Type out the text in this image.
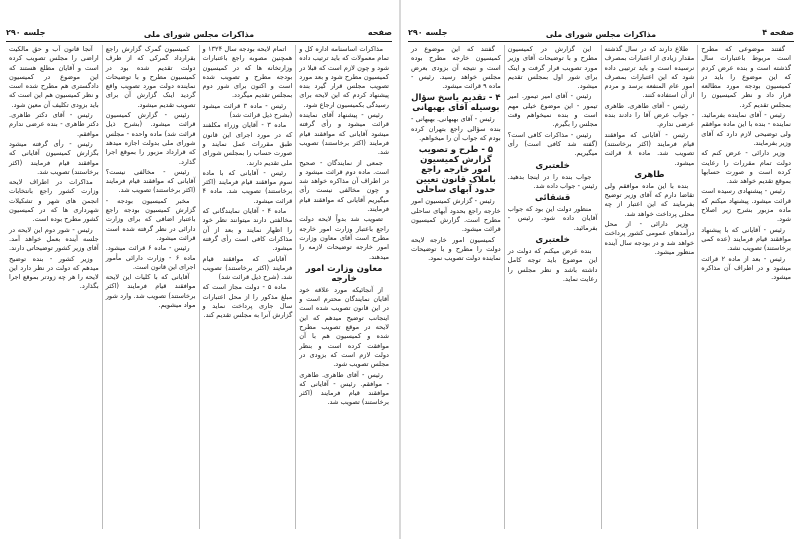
صفحه
مذاکرات مجلس شورای ملی
جلسه ۲۹۰

مذاکرات اساسنامه اداره کل و تمام معمولات که باید ترتیب داده شود و چون لازم است که قبلا در کمیسیون مطرح شود و بعد مورد تصویب مجلس قرار گیرد بنده پیشنهاد کردم که این لایحه برای رسیدگی بکمیسیون ارجاع شود.

رئیس - پیشنهاد آقای نماینده قرائت میشود و رأی گرفته میشود آقایانی که موافقند قیام فرمایند (اکثر برخاستند) تصویب شد.

جمعی از نمایندگان - صحیح است. ماده دوم قرائت میشود و در اطراف آن مذاکره خواهد شد و چون مخالفی نیست رأی میگیریم آقایانی که موافقند قیام فرمایند.

تصویب شد بدواً لایحه دولت راجع باعتبار وزارت امور خارجه مطرح است آقای معاون وزارت امور خارجه توضیحات لازمه را میدهند.

معاون وزارت امور خارجه

از آنجائیکه مورد علاقه خود آقایان نمایندگان محترم است و در این قانون تصویب شده است اینجانب توضیح میدهم که این لایحه در موقع تصویب مطرح شده و کمیسیون هم با آن موافقت کرده است و بنظر دولت لازم است که بزودی در مجلس تصویب شود.

رئیس - آقای طاهری. طاهری - موافقم. رئیس - آقایانی که موافقند قیام فرمایند (اکثر برخاستند) تصویب شد.

اتمام لایحه بودجه سال ۱۳۲۴ و همچنین مصوبه راجع باعتبارات وزارتخانه ها که در کمیسیون بودجه مطرح و تصویب شده است و اکنون برای شور دوم بمجلس تقدیم میگردد.

رئیس - ماده ۳ قرائت میشود (بشرح ذیل قرائت شد)

ماده ۳ - آقایان وزراء مکلفند که در مورد اجرای این قانون طبق مقررات عمل نمایند و صورت حساب را بمجلس شورای ملی تقدیم دارند.

رئیس - آقایانی که با ماده سوم موافقند قیام فرمایند (اکثر برخاستند) تصویب شد. ماده ۴ قرائت میشود.

ماده ۴ - آقایان نمایندگانی که مخالفتی دارند میتوانند نظر خود را اظهار نمایند و بعد از آن مذاکرات کافی است رأی گرفته میشود.

آقایانی که موافقند قیام فرمایند (اکثر برخاستند) تصویب شد. (شرح ذیل قرائت شد)

ماده ۵ - دولت مجاز است که مبلغ مذکور را از محل اعتبارات سال جاری پرداخت نماید و گزارش آنرا به مجلس تقدیم کند.

کمیسیون گمرک گزارش راجع بقرارداد گمرکی که از طرف دولت تقدیم شده بود در کمیسیون مطرح و با توضیحات نماینده دولت مورد تصویب واقع گردید اینک گزارش آن برای تصویب تقدیم میشود.

رئیس - گزارش کمیسیون قرائت میشود. (بشرح ذیل قرائت شد) ماده واحده - مجلس شورای ملی بدولت اجازه میدهد که قرارداد مزبور را بموقع اجرا گذارد.

رئیس - مخالفی نیست؟ آقایانی که موافقند قیام فرمایند (اکثر برخاستند) تصویب شد.

مخبر کمیسیون بودجه - گزارش کمیسیون بودجه راجع باعتبار اضافی که برای وزارت دارائی در نظر گرفته شده است قرائت میشود.

رئیس - ماده ۶ قرائت میشود. ماده ۶ - وزارت دارائی مأمور اجرای این قانون است.

آقایانی که با کلیات این لایحه موافقند قیام فرمایند (اکثر برخاستند) تصویب شد. وارد شور مواد میشویم.

آنجا قانون آب و حق مالکیت اراضی را مجلس تصویب کرده است و آقایان مطلع هستند که این موضوع در کمیسیون دادگستری هم مطرح شده است و نظر کمیسیون هم این است که باید بزودی تکلیف آن معین شود.

رئیس - آقای دکتر طاهری. دکتر طاهری - بنده عرضی ندارم موافقم.

رئیس - رأی گرفته میشود بگزارش کمیسیون آقایانی که موافقند قیام فرمایند (اکثر برخاستند) تصویب شد.

مذاکرات در اطراف لایحه وزارت کشور راجع بانتخابات انجمن های شهر و تشکیلات شهرداری ها که در کمیسیون کشور مطرح بوده است.

رئیس - شور دوم این لایحه در جلسه آینده بعمل خواهد آمد. آقای وزیر کشور توضیحاتی دارند.

وزیر کشور - بنده توضیح میدهم که دولت در نظر دارد این لایحه را هر چه زودتر بموقع اجرا بگذارد.

صفحه ۴
مذاکرات مجلس شورای ملی
جلسه ۲۹۰

گفتند موضوعی که مطرح است مربوط باعتبارات سال گذشته است و بنده عرض کردم که این موضوع را باید در کمیسیون بودجه مورد مطالعه قرار داد و نظر کمیسیون را بمجلس تقدیم کرد.

رئیس - آقای نماینده بفرمائید. نماینده - بنده با این ماده موافقم ولی توضیحی لازم دارد که آقای وزیر بفرمایند.

وزیر دارائی - عرض کنم که دولت تمام مقررات را رعایت کرده است و صورت حسابها بموقع تقدیم خواهد شد.

رئیس - پیشنهادی رسیده است قرائت میشود. پیشنهاد میکنم که ماده مزبور بشرح زیر اصلاح شود.

رئیس - آقایانی که با پیشنهاد موافقند قیام فرمایند (عده کمی برخاستند) تصویب نشد.

رئیس - بعد از ماده ۲ قرائت میشود و در اطراف آن مذاکره میشود.

طلاع دارند که در سال گذشته مقدار زیادی از اعتبارات بمصرف نرسیده است و باید ترتیبی داده شود که این اعتبارات بمصرف امور عام المنفعه برسد و مردم از آن استفاده کنند.

رئیس - آقای طاهری. طاهری - جواب عرض آقا را دادند بنده عرضی ندارم.

رئیس - آقایانی که موافقند قیام فرمایند (اکثر برخاستند) تصویب شد. ماده ۸ قرائت میشود.

طاهری

بنده با این ماده موافقم ولی تقاضا دارم که آقای وزیر توضیح بفرمایند که این اعتبار از چه محلی پرداخت خواهد شد.

وزیر دارائی - از محل درآمدهای عمومی کشور پرداخت خواهد شد و در بودجه سال آینده منظور میشود.

این گزارش در کمیسیون مطرح و با توضیحات آقای وزیر مورد تصویب قرار گرفت و اینک برای شور اول بمجلس تقدیم میشود.

رئیس - آقای امیر تیمور. امیر تیمور - این موضوع خیلی مهم است و بنده نمیخواهم وقت مجلس را بگیرم.

رئیس - مذاکرات کافی است؟ (گفته شد کافی است) رأی میگیریم.

خلعتبری

جواب بنده را در اینجا بدهید. رئیس - جواب داده شد.

قشقائی

منظور دولت این بود که جواب آقایان داده شود. رئیس - بفرمائید.

خلعتبری

بنده عرض میکنم که دولت در این موضوع باید توجه کامل داشته باشد و نظر مجلس را رعایت نماید.

گفتند که این موضوع در کمیسیون خارجه مطرح بوده است و نتیجه آن بزودی بعرض مجلس خواهد رسید. رئیس - ماده ۹ قرائت میشود.

۴ - تقدیم یاسخ سؤال بوسیله آقای بهبهانی

رئیس - آقای بهبهانی. بهبهانی - بنده سؤالی راجع بتهران کرده بودم که جواب آن را میخواهم.

۵ - طرح و تصویب گزارش کمیسیون امور خارجه راجع باملاک قانون تعیین حدود آبهای ساحلی

رئیس - گزارش کمیسیون امور خارجه راجع بحدود آبهای ساحلی مطرح است. گزارش کمیسیون قرائت میشود.

کمیسیون امور خارجه لایحه دولت را مطرح و با توضیحات نماینده دولت تصویب نمود.
